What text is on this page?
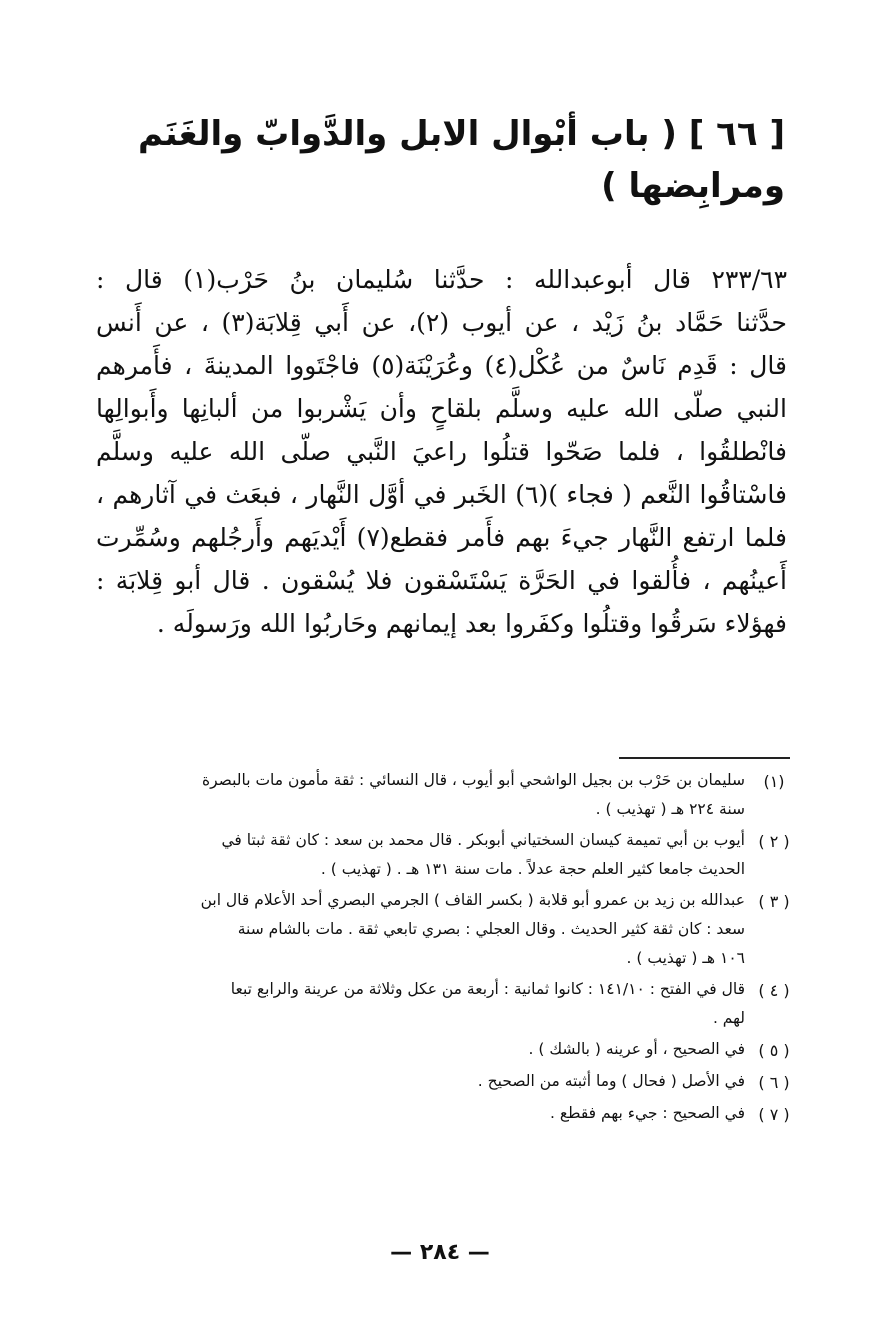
[ ٦٦ ] ( باب أبْوال الابل والدَّوابّ والغَنَم
ومرابِضها )
٢٣٣/٦٣ قال أبوعبدالله : حدَّثنا سُليمان بنُ حَرْب(١) قال :
حدَّثنا حَمَّاد بنُ زَيْد ، عن أيوب (٢)، عن أَبي قِلابَة(٣) ، عن أَنس
قال : قَدِم نَاسٌ من عُكْل(٤) وعُرَيْنَة(٥) فاجْتَووا المدينةَ ، فأَمرهم
النبي صلّى الله عليه وسلَّم بلقاحٍ وأن يَشْربوا من ألبانِها وأَبوالِها
فانْطلقُوا ، فلما صَحّوا قتلُوا راعيَ النَّبي صلّى الله عليه وسلَّم
فاسْتاقُوا النَّعم ( فجاء )(٦) الخَبر في أوَّل النَّهار ، فبعَث في آثارهم ،
فلما ارتفع النَّهار جيءَ بهم فأَمر فقطع(٧) أَيْديَهم وأَرجُلهم وسُمِّرت
أَعينُهم ، فأُلقوا في الحَرَّة يَسْتَسْقون فلا يُسْقون . قال أبو قِلابَة :
فهؤلاء سَرقُوا وقتلُوا وكفَروا بعد إيمانهم وحَاربُوا الله ورَسولَه .
(١)
سليمان بن حَرْب بن بجيل الواشحي أبو أيوب ، قال النسائي : ثقة مأمون مات بالبصرة
سنة ٢٢٤ هـ ( تهذيب ) .
( ٢ )
أيوب بن أبي تميمة كيسان السختياني أبوبكر . قال محمد بن سعد : كان ثقة ثبتا في
الحديث جامعا كثير العلم حجة عدلاً . مات سنة ١٣١ هـ . ( تهذيب ) .
( ٣ )
عبدالله بن زيد بن عمرو أبو قلابة ( بكسر القاف ) الجرمي البصري أحد الأعلام قال ابن
سعد : كان ثقة كثير الحديث . وقال العجلي : بصري تابعي ثقة . مات بالشام سنة
١٠٦ هـ ( تهذيب ) .
( ٤ )
قال في الفتح : ١٤١/١٠ : كانوا ثمانية : أربعة من عكل وثلاثة من عرينة والرابع تبعا
لهم .
( ٥ )
في الصحيح ، أو عرينه ( بالشك ) .
( ٦ )
في الأصل ( فحال ) وما أثبته من الصحيح .
( ٧ )
في الصحيح : جيء بهم فقطع .
— ٢٨٤ —
